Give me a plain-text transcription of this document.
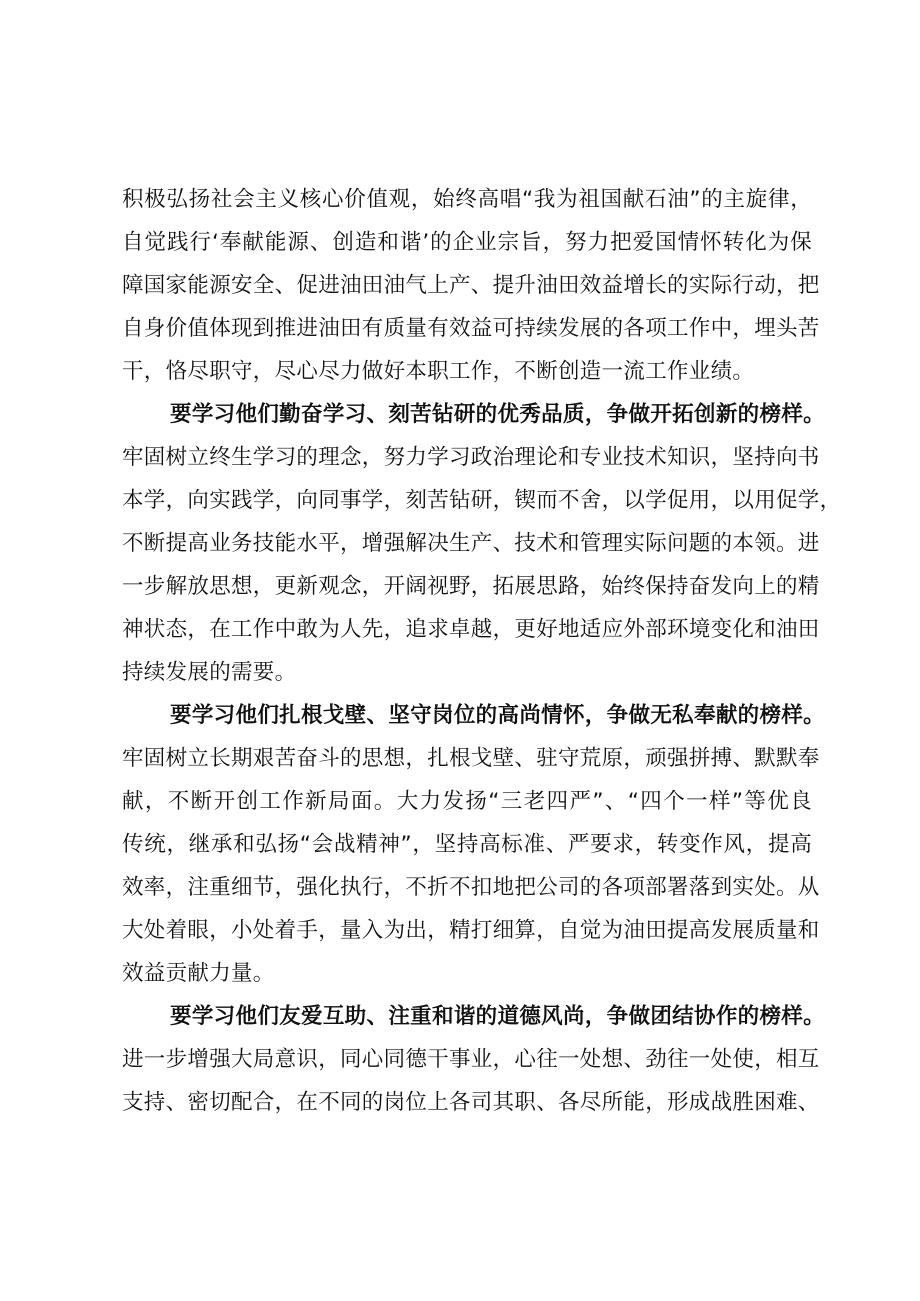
积极弘扬社会主义核心价值观，始终高唱“我为祖国献石油”的主旋律，
自觉践行‘奉献能源、创造和谐’的企业宗旨，努力把爱国情怀转化为保
障国家能源安全、促进油田油气上产、提升油田效益增长的实际行动，把
自身价值体现到推进油田有质量有效益可持续发展的各项工作中，埋头苦
干，恪尽职守，尽心尽力做好本职工作，不断创造一流工作业绩。
要学习他们勤奋学习、刻苦钻研的优秀品质，争做开拓创新的榜样。
牢固树立终生学习的理念，努力学习政治理论和专业技术知识，坚持向书
本学，向实践学，向同事学，刻苦钻研，锲而不舍，以学促用，以用促学，
不断提高业务技能水平，增强解决生产、技术和管理实际问题的本领。进
一步解放思想，更新观念，开阔视野，拓展思路，始终保持奋发向上的精
神状态，在工作中敢为人先，追求卓越，更好地适应外部环境变化和油田
持续发展的需要。
要学习他们扎根戈壁、坚守岗位的高尚情怀，争做无私奉献的榜样。
牢固树立长期艰苦奋斗的思想，扎根戈壁、驻守荒原，顽强拼搏、默默奉
献，不断开创工作新局面。大力发扬“三老四严”、“四个一样”等优良
传统，继承和弘扬“会战精神”，坚持高标准、严要求，转变作风，提高
效率，注重细节，强化执行，不折不扣地把公司的各项部署落到实处。从
大处着眼，小处着手，量入为出，精打细算，自觉为油田提高发展质量和
效益贡献力量。
要学习他们友爱互助、注重和谐的道德风尚，争做团结协作的榜样。
进一步增强大局意识，同心同德干事业，心往一处想、劲往一处使，相互
支持、密切配合，在不同的岗位上各司其职、各尽所能，形成战胜困难、
